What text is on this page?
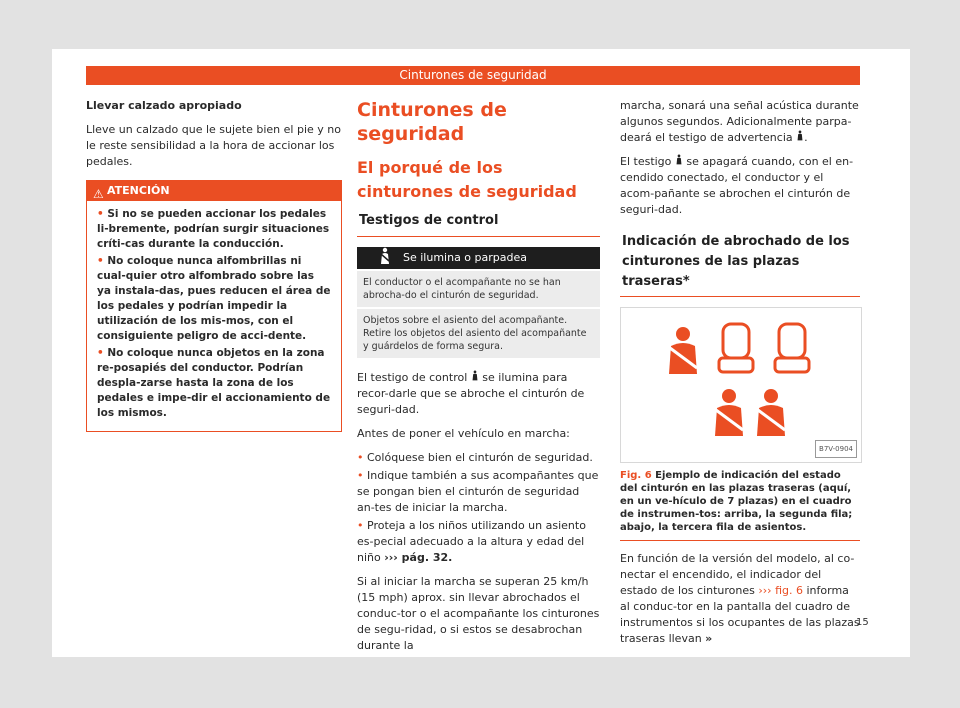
Cinturones de seguridad

Llevar calzado apropiado

Lleve un calzado que le sujete bien el pie y no le reste sensibilidad a la hora de accionar los pedales.

⚠ ATENCIÓN

• Si no se pueden accionar los pedales li-bremente, podrían surgir situaciones críti-cas durante la conducción.

• No coloque nunca alfombrillas ni cual-quier otro alfombrado sobre las ya instala-das, pues reducen el área de los pedales y podrían impedir la utilización de los mis-mos, con el consiguiente peligro de acci-dente.

• No coloque nunca objetos en la zona re-posapiés del conductor. Podrían despla-zarse hasta la zona de los pedales e impe-dir el accionamiento de los mismos.

Cinturones de seguridad
El porqué de los cinturones de seguridad
Testigos de control
Se ilumina o parpadea
El conductor o el acompañante no se han abrocha-do el cinturón de seguridad.
Objetos sobre el asiento del acompañante. Retire los objetos del asiento del acompañante y guárdelos de forma segura.

El testigo de control se ilumina para recor-darle que se abroche el cinturón de seguri-dad.

Antes de poner el vehículo en marcha:

• Colóquese bien el cinturón de seguridad.

• Indique también a sus acompañantes que se pongan bien el cinturón de seguridad an-tes de iniciar la marcha.

• Proteja a los niños utilizando un asiento es-pecial adecuado a la altura y edad del niño ››› pág. 32.

Si al iniciar la marcha se superan 25 km/h (15 mph) aprox. sin llevar abrochados el conduc-tor o el acompañante los cinturones de segu-ridad, o si estos se desabrochan durante la

marcha, sonará una señal acústica durante algunos segundos. Adicionalmente parpa-deará el testigo de advertencia .

El testigo se apagará cuando, con el en-cendido conectado, el conductor y el acom-pañante se abrochen el cinturón de seguri-dad.

Indicación de abrochado de los cinturones de las plazas traseras*
B7V-0904
Fig. 6 Ejemplo de indicación del estado del cinturón en las plazas traseras (aquí, en un ve-hículo de 7 plazas) en el cuadro de instrumen-tos: arriba, la segunda fila; abajo, la tercera fila de asientos.

En función de la versión del modelo, al co-nectar el encendido, el indicador del estado de los cinturones ››› fig. 6 informa al conduc-tor en la pantalla del cuadro de instrumentos si los ocupantes de las plazas traseras llevan »

15
